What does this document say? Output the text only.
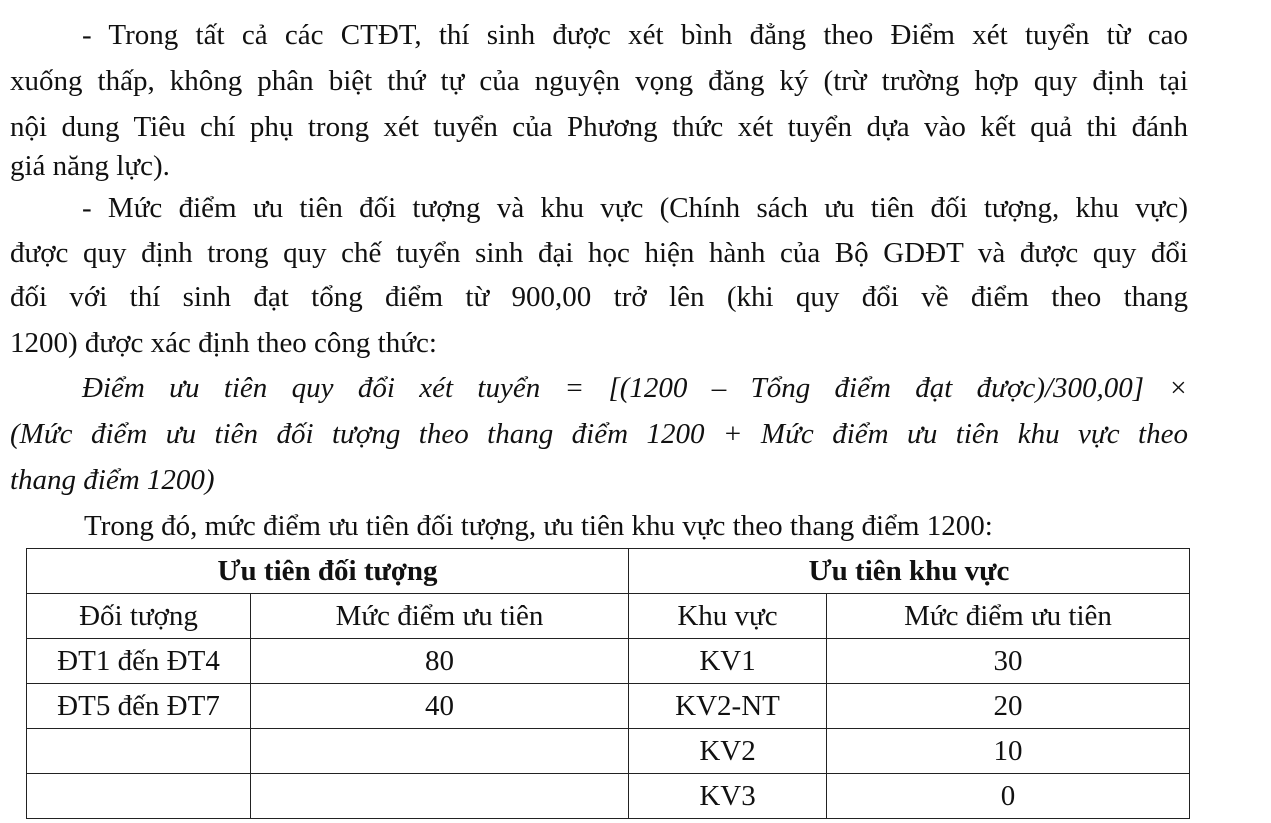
- Trong tất cả các CTĐT, thí sinh được xét bình đẳng theo Điểm xét tuyển từ cao
xuống thấp, không phân biệt thứ tự của nguyện vọng đăng ký (trừ trường hợp quy định tại
nội dung Tiêu chí phụ trong xét tuyển của Phương thức xét tuyển dựa vào kết quả thi đánh
giá năng lực).
- Mức điểm ưu tiên đối tượng và khu vực (Chính sách ưu tiên đối tượng, khu vực)
được quy định trong quy chế tuyển sinh đại học hiện hành của Bộ GDĐT và được quy đổi
đối với thí sinh đạt tổng điểm từ 900,00 trở lên (khi quy đổi về điểm theo thang
1200) được xác định theo công thức:
Điểm ưu tiên quy đổi xét tuyển = [(1200 – Tổng điểm đạt được)/300,00] ×
(Mức điểm ưu tiên đối tượng theo thang điểm 1200 + Mức điểm ưu tiên khu vực theo
thang điểm 1200)
Trong đó, mức điểm ưu tiên đối tượng, ưu tiên khu vực theo thang điểm 1200:
Ưu tiên đối tượng		Ưu tiên khu vực	
Đối tượng	Mức điểm ưu tiên	Khu vực	Mức điểm ưu tiên
ĐT1 đến ĐT4	80	KV1	30
ĐT5 đến ĐT7	40	KV2-NT	20
		KV2	10
		KV3	0
